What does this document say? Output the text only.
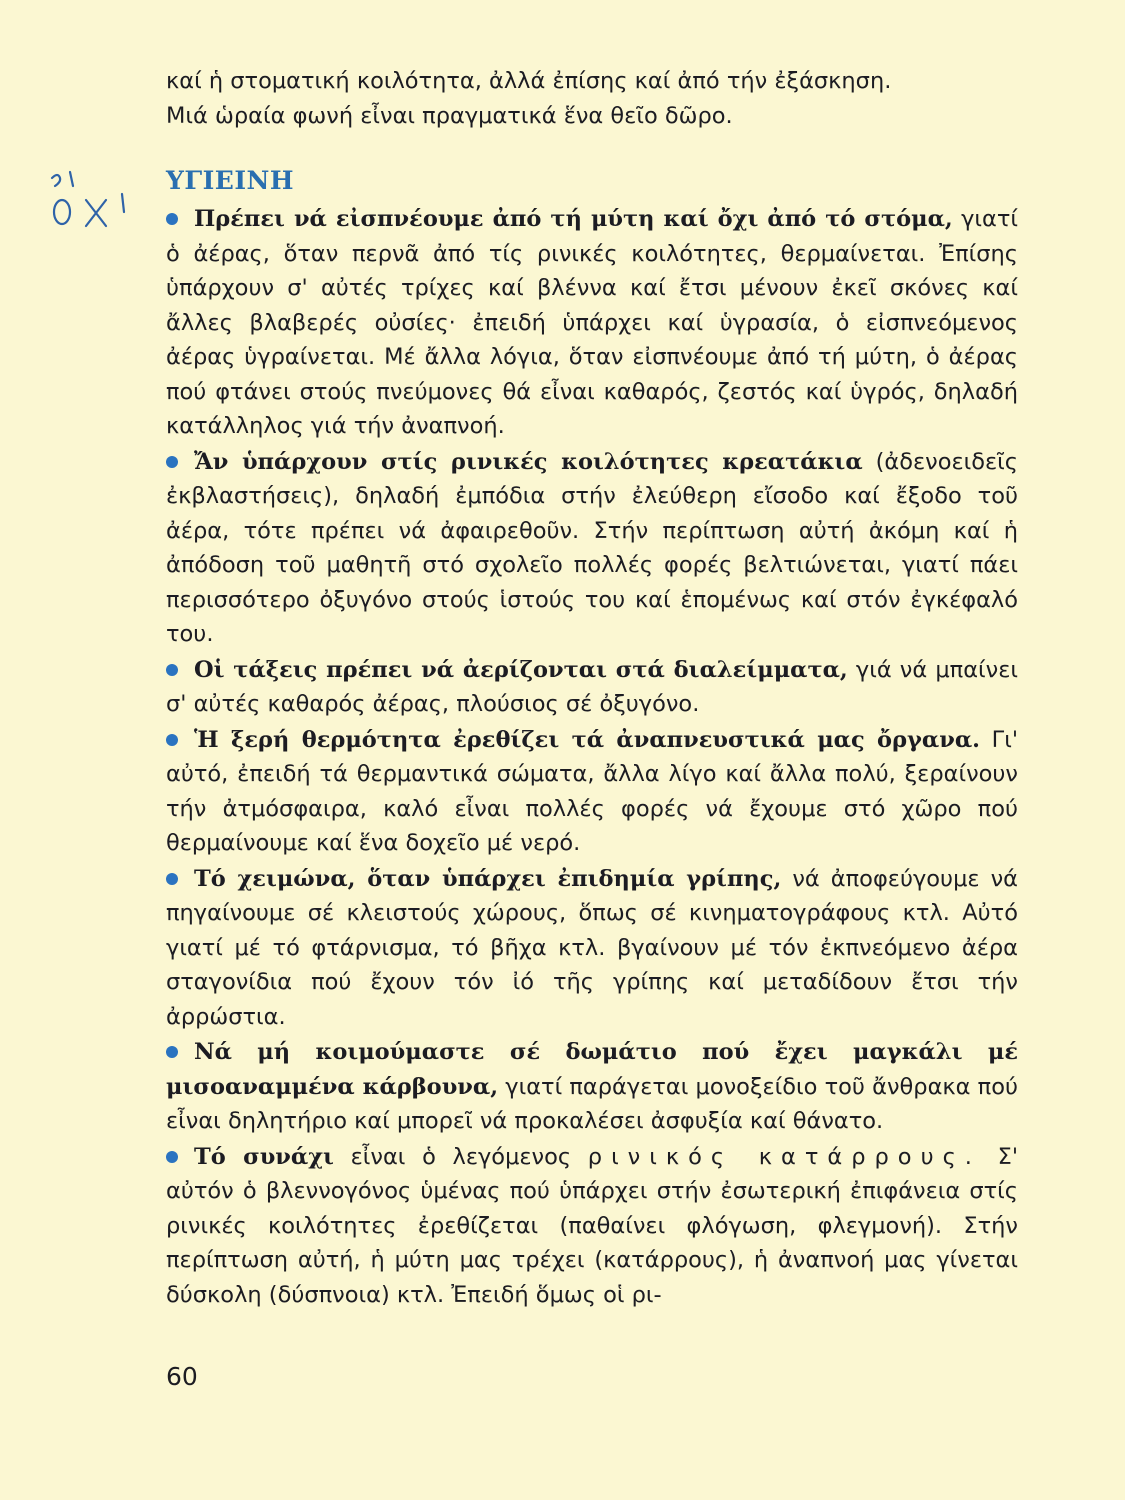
καί ἡ στοματική κοιλότητα, ἀλλά ἐπίσης καί ἀπό τήν ἐξάσκηση.

Μιά ὡραία φωνή εἶναι πραγματικά ἕνα θεῖο δῶρο.

ΥΓΙΕΙΝΗ

Πρέπει νά εἰσπνέουμε ἀπό τή μύτη καί ὄχι ἀπό τό στόμα, γιατί ὁ ἀέρας, ὅταν περνᾶ ἀπό τίς ρινικές κοιλότητες, θερμαίνεται. Ἐπίσης ὑπάρχουν σ' αὐτές τρίχες καί βλέννα καί ἔτσι μένουν ἐκεῖ σκόνες καί ἄλλες βλαβερές οὐσίες· ἐπειδή ὑπάρχει καί ὑγρασία, ὁ εἰσπνεόμενος ἀέρας ὑγραίνεται. Μέ ἄλλα λόγια, ὅταν εἰσπνέουμε ἀπό τή μύτη, ὁ ἀέρας πού φτάνει στούς πνεύμονες θά εἶναι καθαρός, ζεστός καί ὑγρός, δηλαδή κατάλληλος γιά τήν ἀναπνοή.

Ἄν ὑπάρχουν στίς ρινικές κοιλότητες κρεατάκια (ἀδενοειδεῖς ἐκβλαστήσεις), δηλαδή ἐμπόδια στήν ἐλεύθερη εἴσοδο καί ἔξοδο τοῦ ἀέρα, τότε πρέπει νά ἀφαιρεθοῦν. Στήν περίπτωση αὐτή ἀκόμη καί ἡ ἀπόδοση τοῦ μαθητῆ στό σχολεῖο πολλές φορές βελτιώνεται, γιατί πάει περισσότερο ὀξυγόνο στούς ἱστούς του καί ἑπομένως καί στόν ἐγκέφαλό του.

Οἱ τάξεις πρέπει νά ἀερίζονται στά διαλείμματα, γιά νά μπαίνει σ' αὐτές καθαρός ἀέρας, πλούσιος σέ ὀξυγόνο.

Ἡ ξερή θερμότητα ἐρεθίζει τά ἀναπνευστικά μας ὄργανα. Γι' αὐτό, ἐπειδή τά θερμαντικά σώματα, ἄλλα λίγο καί ἄλλα πολύ, ξεραίνουν τήν ἀτμόσφαιρα, καλό εἶναι πολλές φορές νά ἔχουμε στό χῶρο πού θερμαίνουμε καί ἕνα δοχεῖο μέ νερό.

Τό χειμώνα, ὅταν ὑπάρχει ἐπιδημία γρίπης, νά ἀποφεύγουμε νά πηγαίνουμε σέ κλειστούς χώρους, ὅπως σέ κινηματογράφους κτλ. Αὐτό γιατί μέ τό φτάρνισμα, τό βῆχα κτλ. βγαίνουν μέ τόν ἐκπνεόμενο ἀέρα σταγονίδια πού ἔχουν τόν ἰό τῆς γρίπης καί μεταδίδουν ἔτσι τήν ἀρρώστια.

Νά μή κοιμούμαστε σέ δωμάτιο πού ἔχει μαγκάλι μέ μισοαναμμένα κάρβουνα, γιατί παράγεται μονοξείδιο τοῦ ἄνθρακα πού εἶναι δηλητήριο καί μπορεῖ νά προκαλέσει ἀσφυξία καί θάνατο.

Τό συνάχι εἶναι ὁ λεγόμενος ρινικός κατάρρους. Σ' αὐτόν ὁ βλεννογόνος ὑμένας πού ὑπάρχει στήν ἐσωτερική ἐπιφάνεια στίς ρινικές κοιλότητες ἐρεθίζεται (παθαίνει φλόγωση, φλεγμονή). Στήν περίπτωση αὐτή, ἡ μύτη μας τρέχει (κατάρρους), ἡ ἀναπνοή μας γίνεται δύσκολη (δύσπνοια) κτλ. Ἐπειδή ὅμως οἱ ρι-

60
